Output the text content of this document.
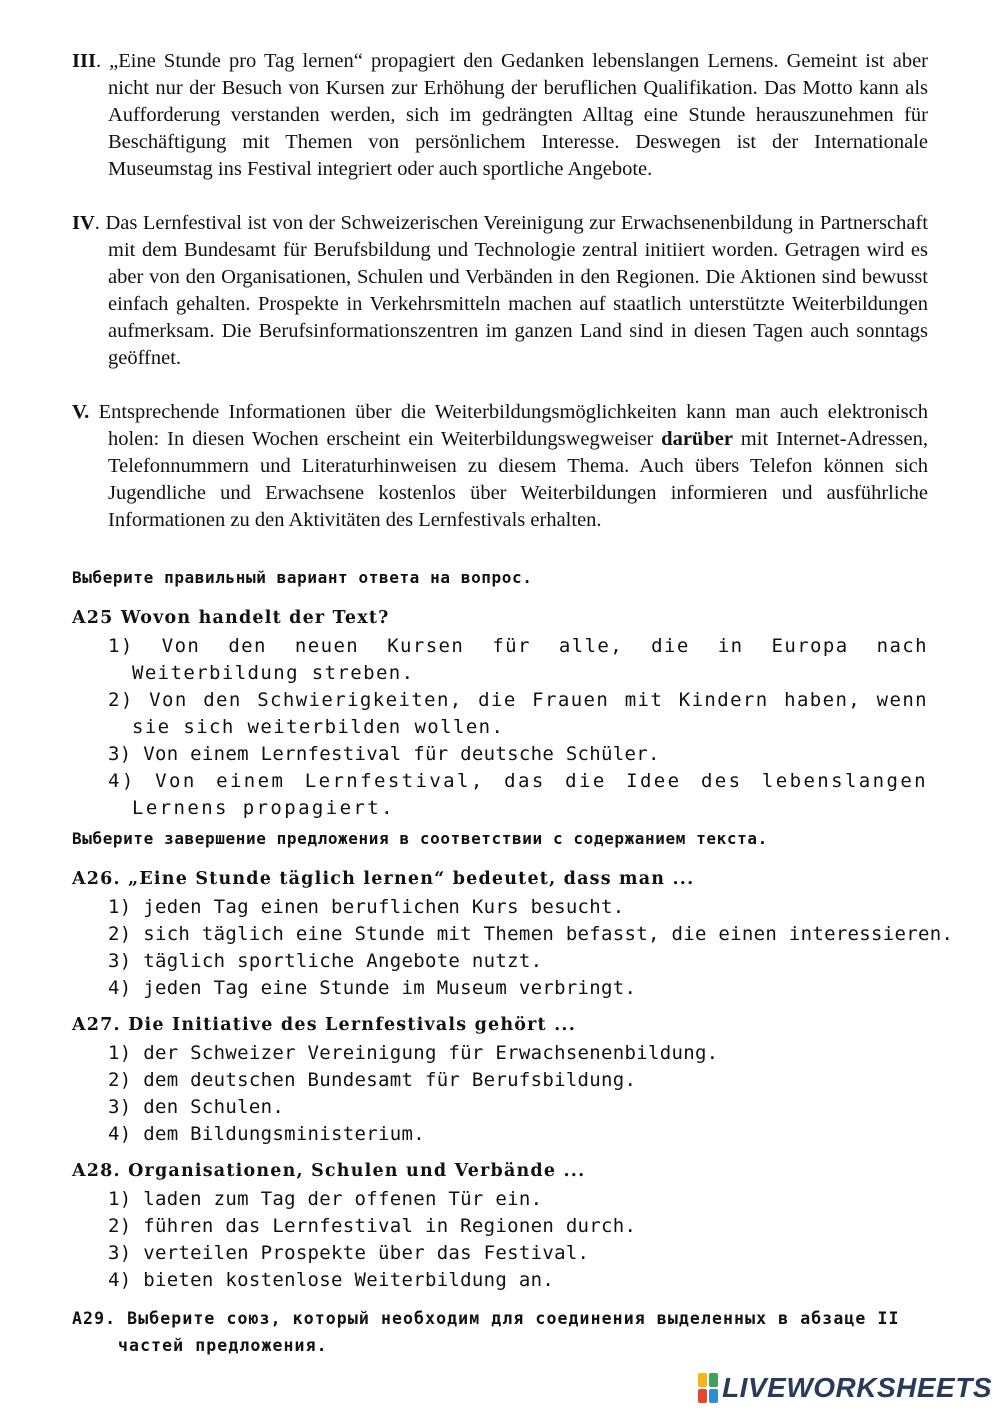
III. „Eine Stunde pro Tag lernen“ propagiert den Gedanken lebenslangen Lernens. Gemeint ist aber nicht nur der Besuch von Kursen zur Erhöhung der beruflichen Qualifikation. Das Motto kann als Aufforderung verstanden werden, sich im gedrängten Alltag eine Stunde herauszunehmen für Beschäftigung mit Themen von persönlichem Interesse. Deswegen ist der Internationale Museumstag ins Festival integriert oder auch sportliche Angebote.
IV. Das Lernfestival ist von der Schweizerischen Vereinigung zur Erwachsenenbildung in Partnerschaft mit dem Bundesamt für Berufsbildung und Technologie zentral initiiert worden. Getragen wird es aber von den Organisationen, Schulen und Verbänden in den Regionen. Die Aktionen sind bewusst einfach gehalten. Prospekte in Verkehrsmitteln machen auf staatlich unterstützte Weiterbildungen aufmerksam. Die Berufsinformationszentren im ganzen Land sind in diesen Tagen auch sonntags geöffnet.
V. Entsprechende Informationen über die Weiterbildungsmöglichkeiten kann man auch elektronisch holen: In diesen Wochen erscheint ein Weiterbildungswegweiser darüber mit Internet-Adressen, Telefonnummern und Literaturhinweisen zu diesem Thema. Auch übers Telefon können sich Jugendliche und Erwachsene kostenlos über Weiterbildungen informieren und ausführliche Informationen zu den Aktivitäten des Lernfestivals erhalten.
Выберите правильный вариант ответа на вопрос.
A25 Wovon handelt der Text?
1) Von den neuen Kursen für alle, die in Europa nach Weiterbildung streben.
2) Von den Schwierigkeiten, die Frauen mit Kindern haben, wenn sie sich weiterbilden wollen.
3) Von einem Lernfestival für deutsche Schüler.
4) Von einem Lernfestival, das die Idee des lebenslangen Lernens propagiert.
Выберите завершение предложения в соответствии с содержанием текста.
A26. „Eine Stunde täglich lernen“ bedeutet, dass man ...
1) jeden Tag einen beruflichen Kurs besucht.
2) sich täglich eine Stunde mit Themen befasst, die einen interessieren.
3) täglich sportliche Angebote nutzt.
4) jeden Tag eine Stunde im Museum verbringt.
A27. Die Initiative des Lernfestivals gehört ...
1) der Schweizer Vereinigung für Erwachsenenbildung.
2) dem deutschen Bundesamt für Berufsbildung.
3) den Schulen.
4) dem Bildungsministerium.
A28. Organisationen, Schulen und Verbände ...
1) laden zum Tag der offenen Tür ein.
2) führen das Lernfestival in Regionen durch.
3) verteilen Prospekte über das Festival.
4) bieten kostenlose Weiterbildung an.
A29. Выберите союз, который необходим для соединения выделенных в абзаце II частей предложения.
LIVEWORKSHEETS
